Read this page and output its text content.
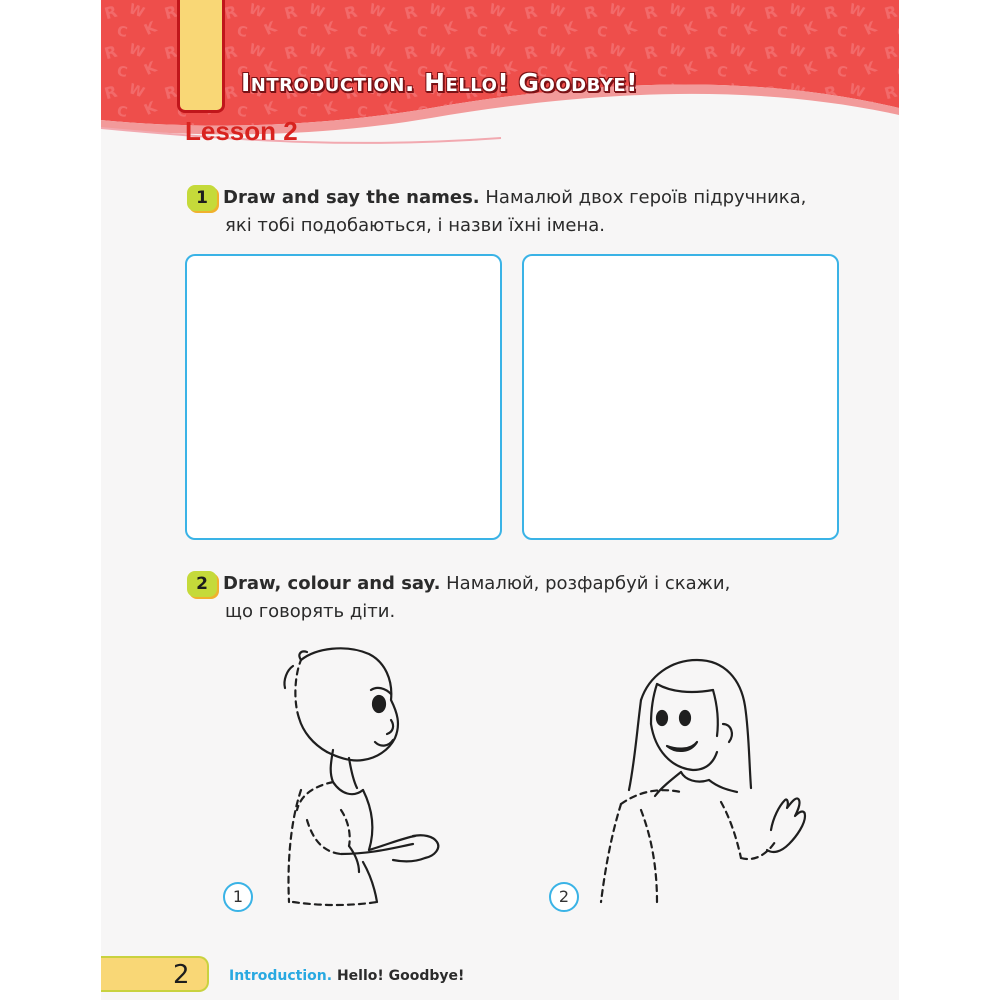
Introduction. Hello! Goodbye!
Lesson 2
1 Draw and say the names. Намалюй двох героїв підручника,
які тобі подобаються, і назви їхні імена.
2 Draw, colour and say. Намалюй, розфарбуй і скажи,
що говорять діти.
1	2
2	Introduction. Hello! Goodbye!
